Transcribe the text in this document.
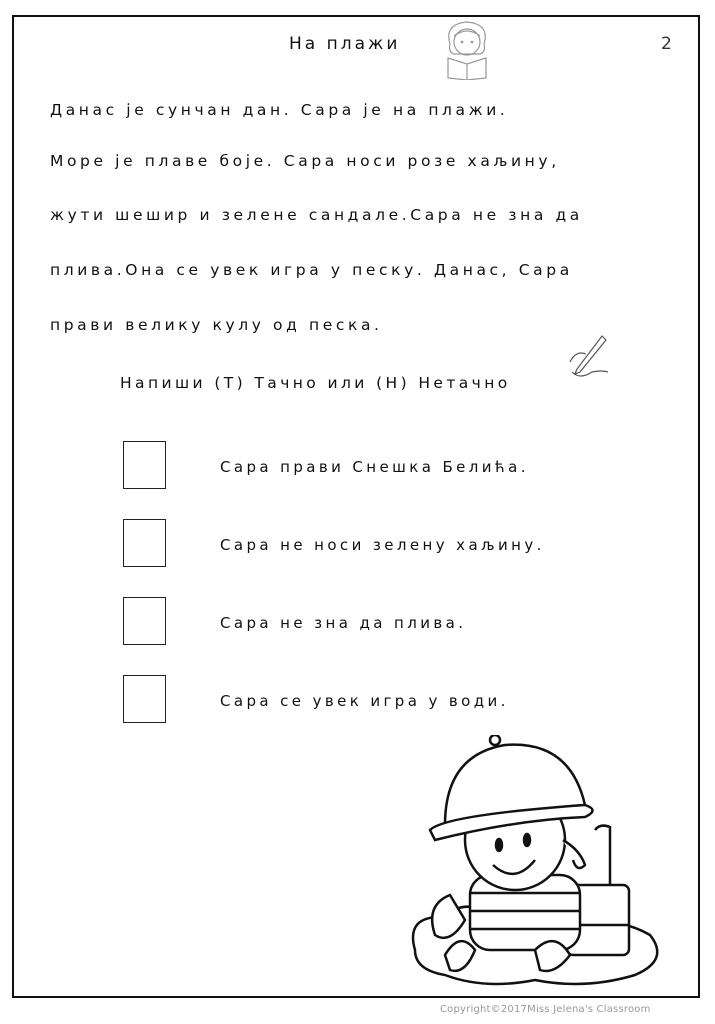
На плажи	2
Данас је сунчан дан. Сара је на плажи.
Море је плаве боје. Сара носи розе хаљину,
жути шешир и зелене сандале.Сара не зна да
плива.Она се увек игра у песку. Данас, Сара
прави велику кулу од песка.
Напиши (Т) Тачно или (Н) Нетачно
Сара прави Снешка Белића.
Сара не носи зелену хаљину.
Сара не зна да плива.
Сара се увек игра у води.
Copyright©2017Miss Jelena's Classroom
